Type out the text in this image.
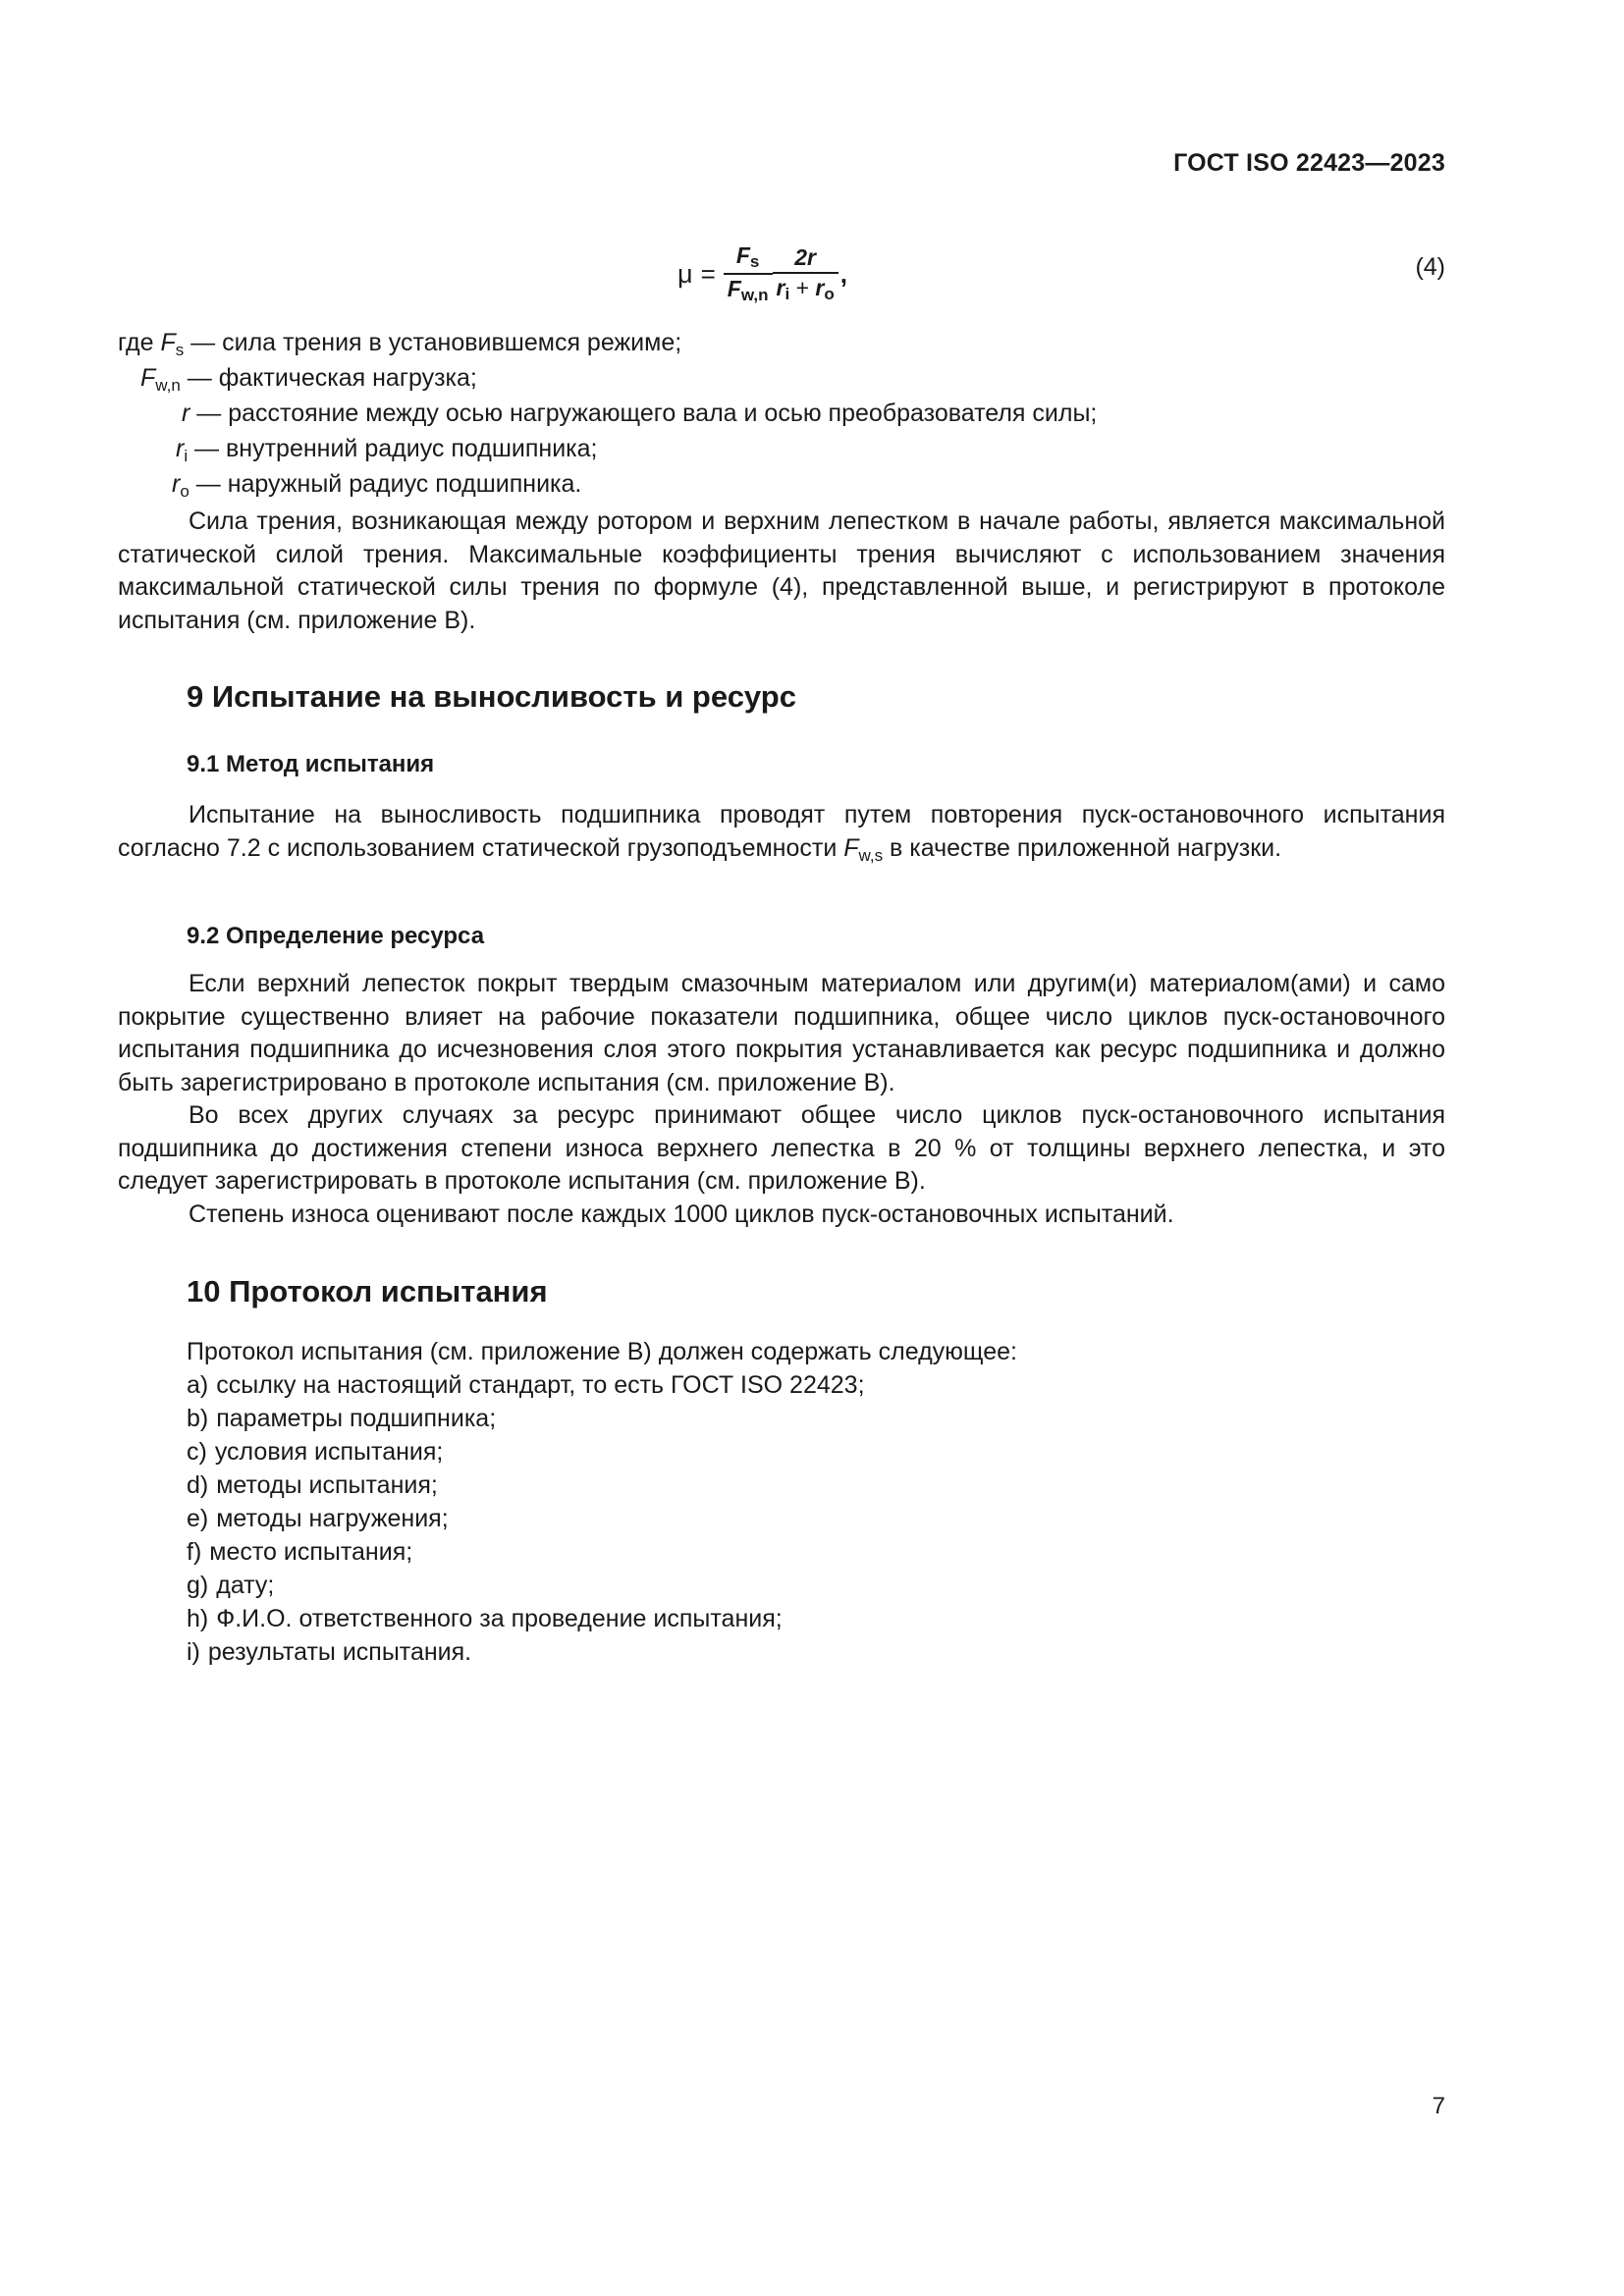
ГОСТ ISO 22423—2023
$\mu = \frac{F_s}{F_{w,n}} \frac{2r}{r_i + r_o}$ ,	(4)
где $F_s$ — сила трения в установившемся режиме;
$F_{w,n}$ — фактическая нагрузка;
r — расстояние между осью нагружающего вала и осью преобразователя силы;
$r_i$ — внутренний радиус подшипника;
$r_o$ — наружный радиус подшипника.
Сила трения, возникающая между ротором и верхним лепестком в начале работы, является максимальной статической силой трения. Максимальные коэффициенты трения вычисляют с использованием значения максимальной статической силы трения по формуле (4), представленной выше, и регистрируют в протоколе испытания (см. приложение B).
9 Испытание на выносливость и ресурс
9.1 Метод испытания
Испытание на выносливость подшипника проводят путем повторения пуск-остановочного испытания согласно 7.2 с использованием статической грузоподъемности $F_{w,s}$ в качестве приложенной нагрузки.
9.2 Определение ресурса
Если верхний лепесток покрыт твердым смазочным материалом или другим(и) материалом(ами) и само покрытие существенно влияет на рабочие показатели подшипника, общее число циклов пуск-остановочного испытания подшипника до исчезновения слоя этого покрытия устанавливается как ресурс подшипника и должно быть зарегистрировано в протоколе испытания (см. приложение B).
Во всех других случаях за ресурс принимают общее число циклов пуск-остановочного испытания подшипника до достижения степени износа верхнего лепестка в 20 % от толщины верхнего лепестка, и это следует зарегистрировать в протоколе испытания (см. приложение B).
Степень износа оценивают после каждых 1000 циклов пуск-остановочных испытаний.
10 Протокол испытания
Протокол испытания (см. приложение B) должен содержать следующее:
a) ссылку на настоящий стандарт, то есть ГОСТ ISO 22423;
b) параметры подшипника;
c) условия испытания;
d) методы испытания;
e) методы нагружения;
f) место испытания;
g) дату;
h) Ф.И.О. ответственного за проведение испытания;
i) результаты испытания.
7
